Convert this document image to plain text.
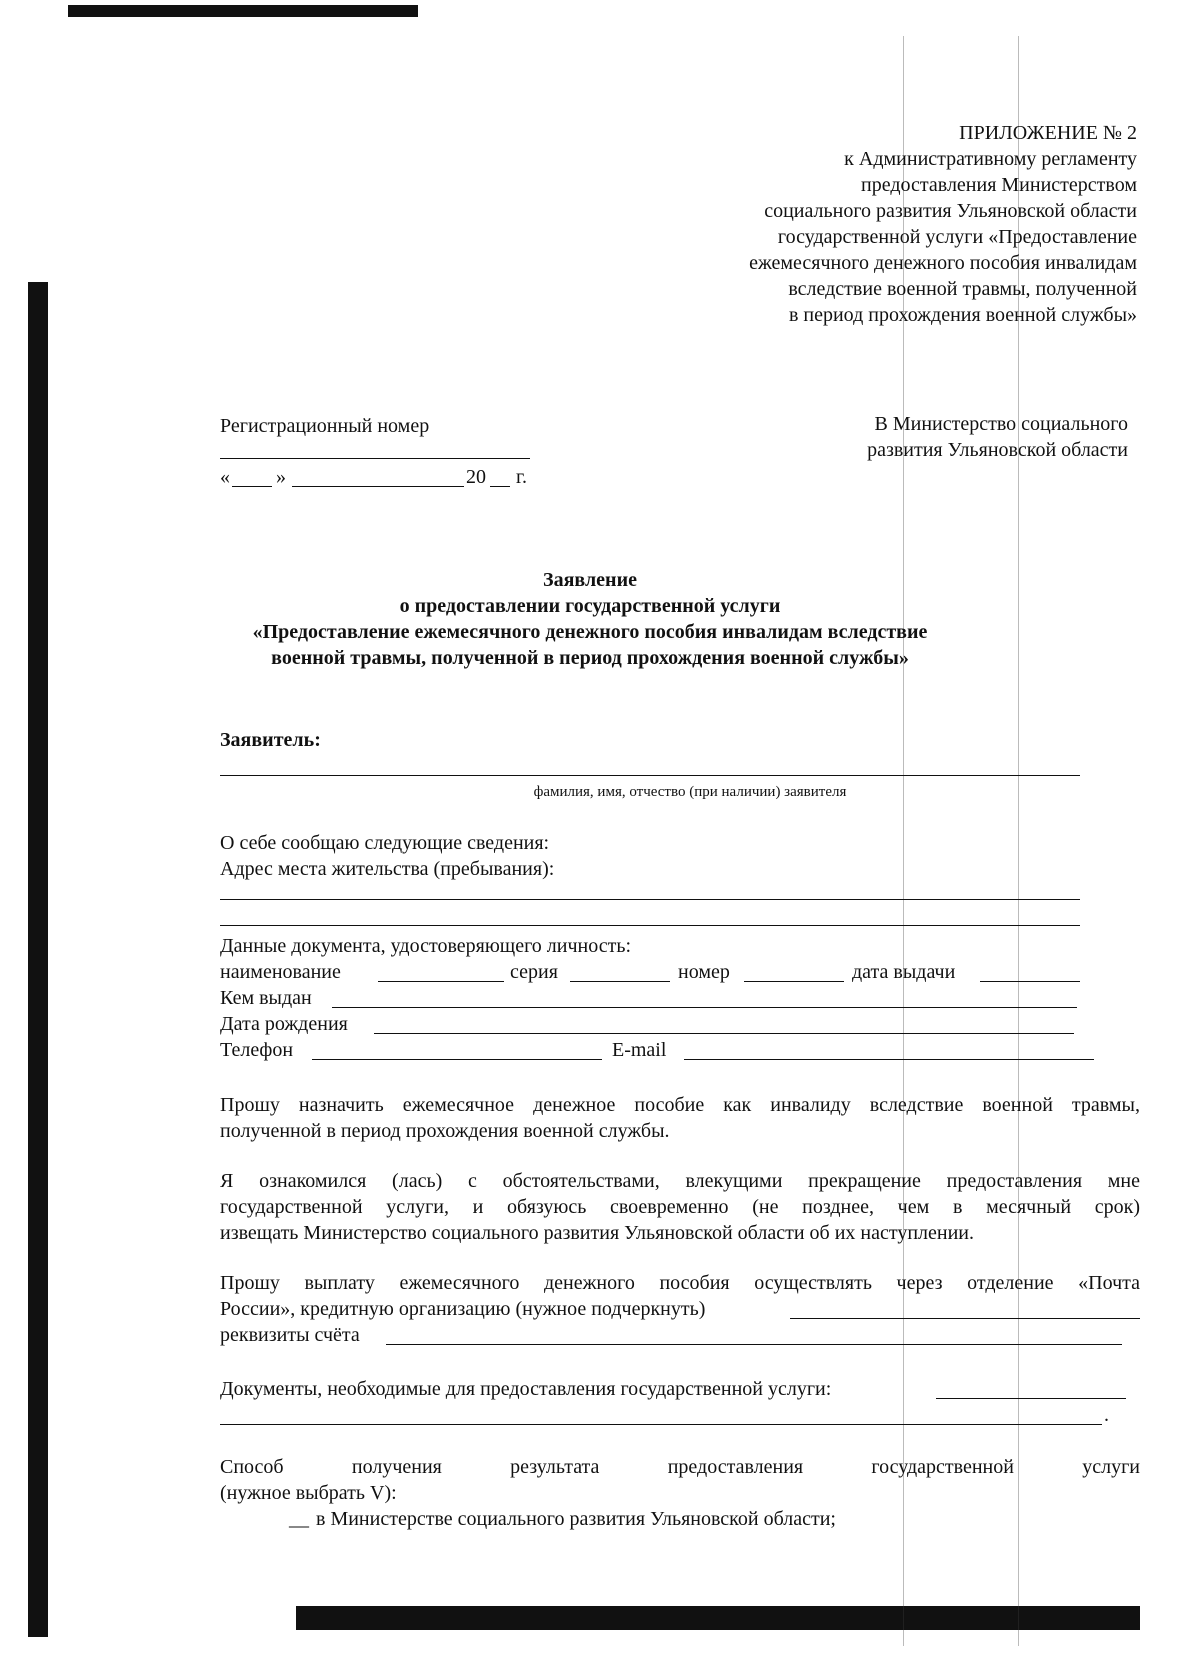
ПРИЛОЖЕНИЕ № 2
к Административному регламенту
предоставления Министерством
социального развития Ульяновской области
государственной услуги «Предоставление
ежемесячного денежного пособия инвалидам
вследствие военной травмы, полученной
в период прохождения военной службы»
Регистрационный номер
« »	20 г.
В Министерство социального
развития Ульяновской области
Заявление
о предоставлении государственной услуги
«Предоставление ежемесячного денежного пособия инвалидам вследствие
военной травмы, полученной в период прохождения военной службы»
Заявитель:
фамилия, имя, отчество (при наличии) заявителя
О себе сообщаю следующие сведения:
Адрес места жительства (пребывания):
Данные документа, удостоверяющего личность:
наименование	серия	номер	дата выдачи
Кем выдан
Дата рождения
Телефон	E-mail
Прошу назначить ежемесячное денежное пособие как инвалиду вследствие военной травмы,
полученной в период прохождения военной службы.
Я ознакомился (лась) с обстоятельствами, влекущими прекращение предоставления мне
государственной услуги, и обязуюсь своевременно (не позднее, чем в месячный срок)
извещать Министерство социального развития Ульяновской области об их наступлении.
Прошу выплату ежемесячного денежного пособия осуществлять через отделение «Почта
России», кредитную организацию (нужное подчеркнуть)
реквизиты счёта
Документы, необходимые для предоставления государственной услуги:
.
Способ получения результата предоставления государственной услуги
(нужное выбрать V):
__ в Министерстве социального развития Ульяновской области;
